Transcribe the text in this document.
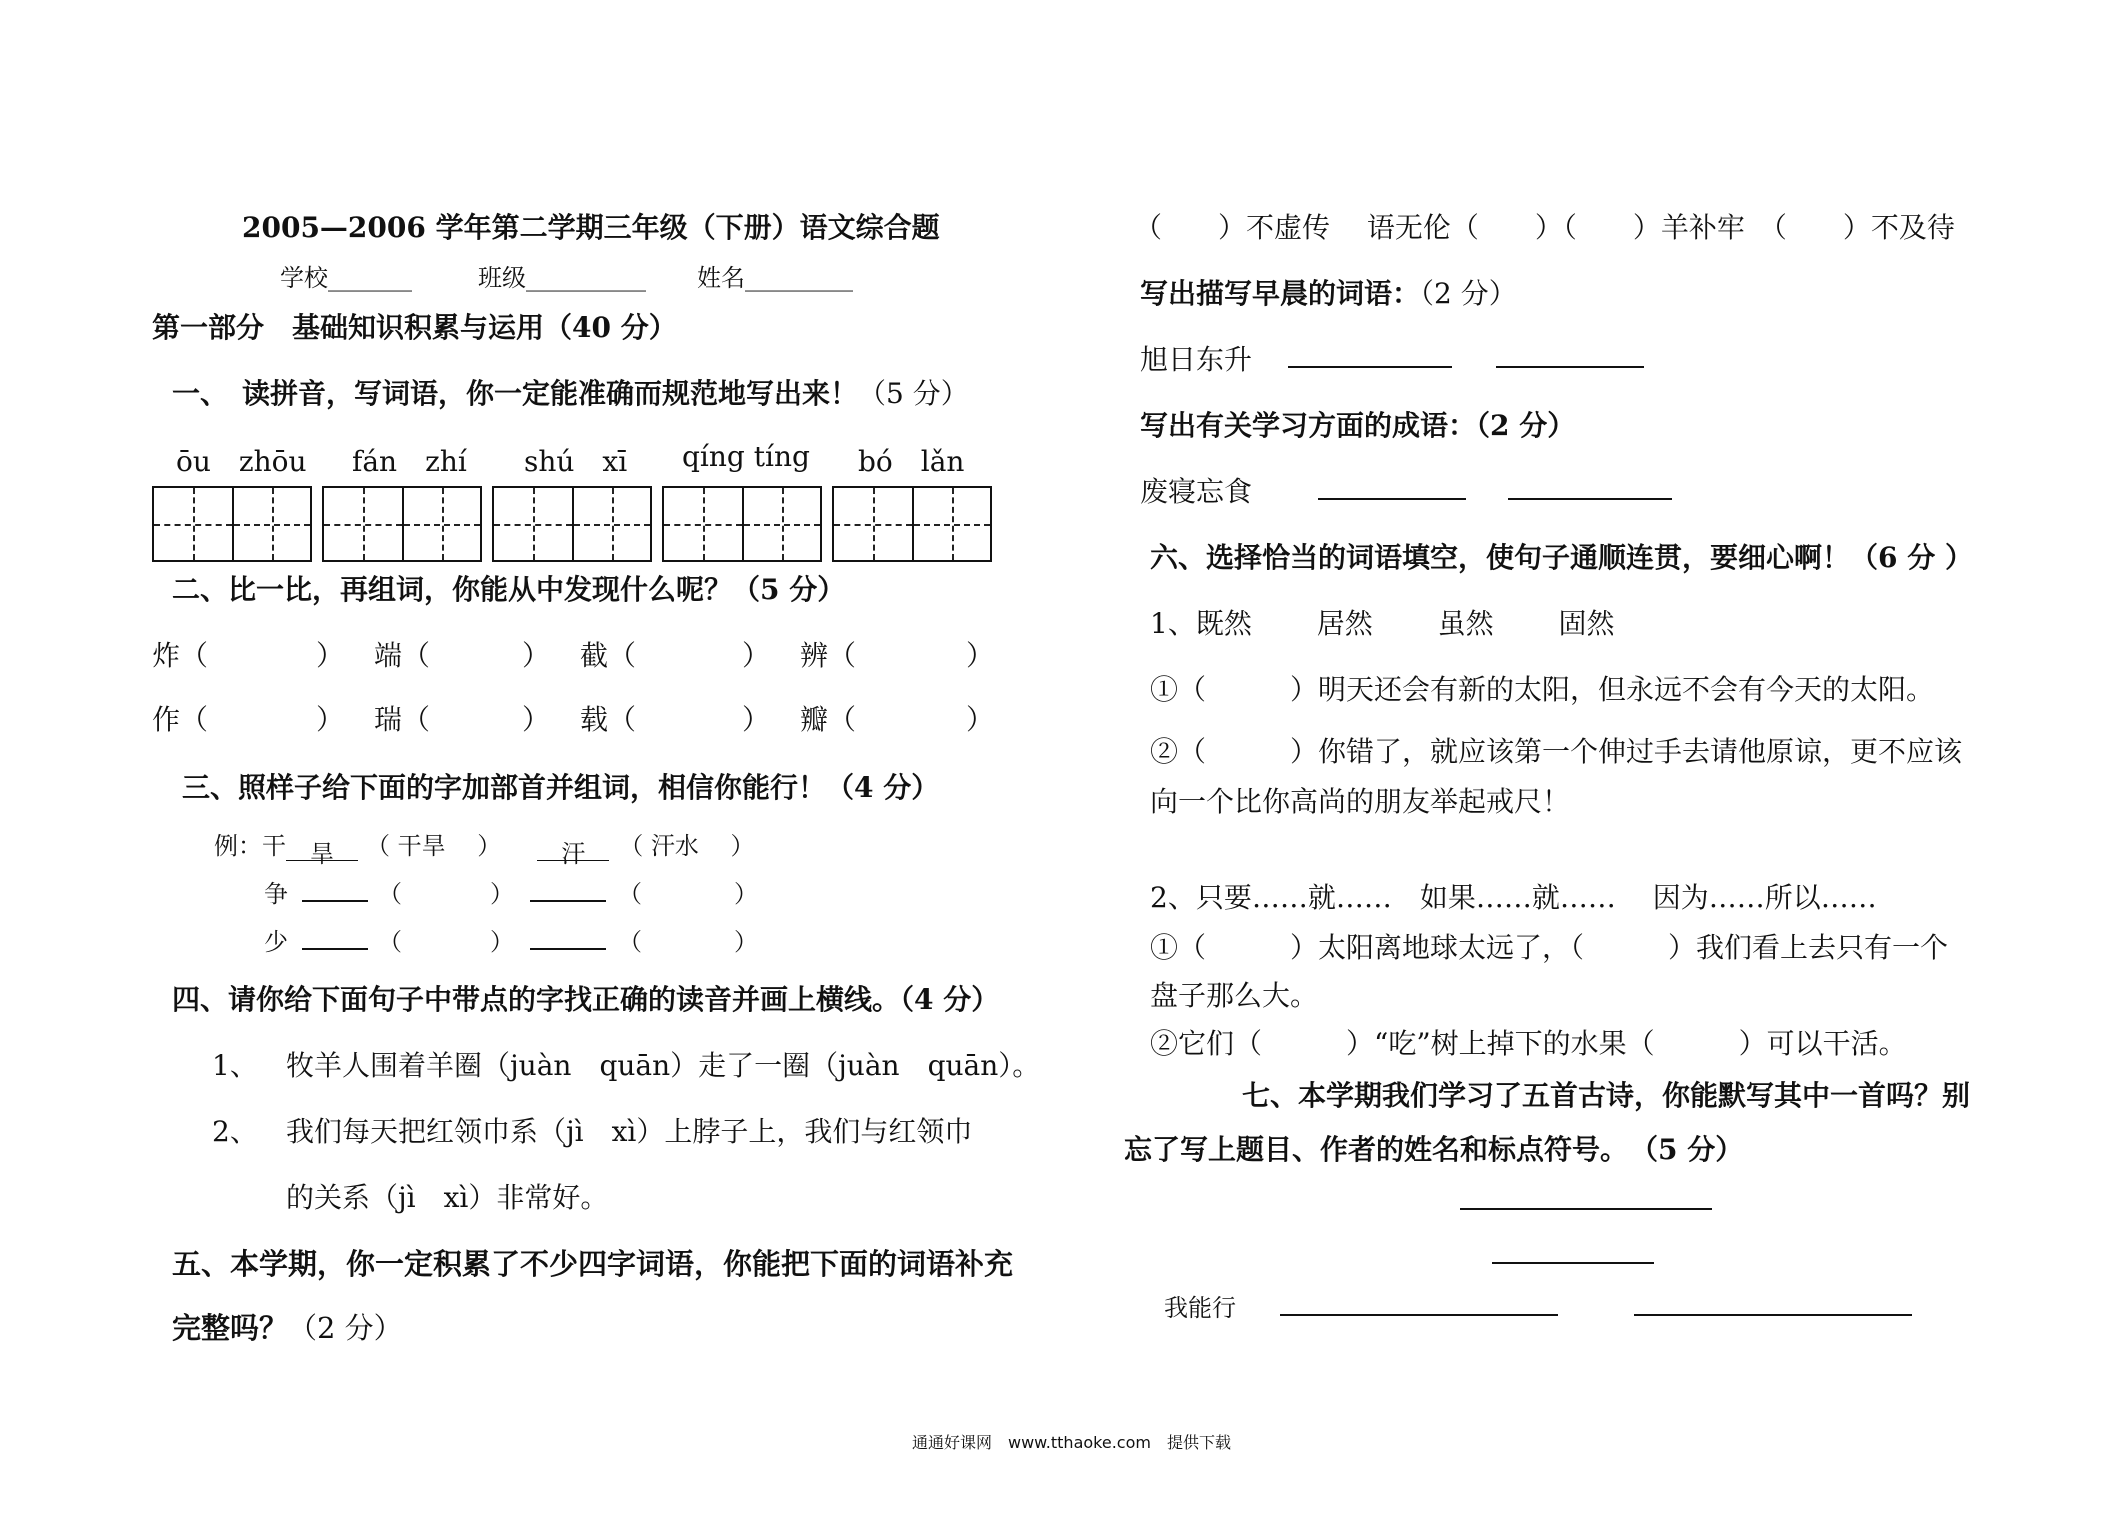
2005—2006 学年第二学期三年级（下册）语文综合题
学校_______	班级__________ 姓名_________
第一部分　基础知识积累与运用（40 分）
一、　读拼音，写词语，你一定能准确而规范地写出来！（5 分）
ōu　zhōu fán　zhí shú　xī qíng tíng bó　lǎn
二、比一比，再组词，你能从中发现什么呢？（5 分）
炸（	） 端（	） 截（	） 辨（	）
作（	） 瑞（	） 载（	） 瓣（	）
三、照样子给下面的字加部首并组词，相信你能行！（4 分）
例：干 旱 （ 干旱　 ）	汗 （ 汗水　 ）
争	（	）	（	）
少	（	）	（	）
四、请你给下面句子中带点的字找正确的读音并画上横线。（4 分）
1、 牧羊人围着羊圈（juàn　quān）走了一圈（juàn　quān）。
2、 我们每天把红领巾系（jì　xì）上脖子上，我们与红领巾
的关系（jì　xì）非常好。
五、本学期，你一定积累了不少四字词语，你能把下面的词语补充
完整吗？（2 分）
（　　）不虚传　 语无伦（　　）（　　）羊补牢　（　　）不及待
写出描写早晨的词语：（2 分）
旭日东升
写出有关学习方面的成语：（2 分）
废寝忘食
六、选择恰当的词语填空，使句子通顺连贯，要细心啊！（6 分 ）
1、既然　　 居然　　 虽然　　 固然
①（　　　）明天还会有新的太阳，但永远不会有今天的太阳。
②（　　　）你错了，就应该第一个伸过手去请他原谅，更不应该
向一个比你高尚的朋友举起戒尺！
2、只要……就……　如果……就……　 因为……所以……
①（　　　）太阳离地球太远了，（　　　）我们看上去只有一个
盘子那么大。
②它们（　　　）“吃”树上掉下的水果（　　　）可以干活。
七、本学期我们学习了五首古诗，你能默写其中一首吗？别
忘了写上题目、作者的姓名和标点符号。 （5 分）
我能行
通通好课网　www.tthaoke.com　提供下载
